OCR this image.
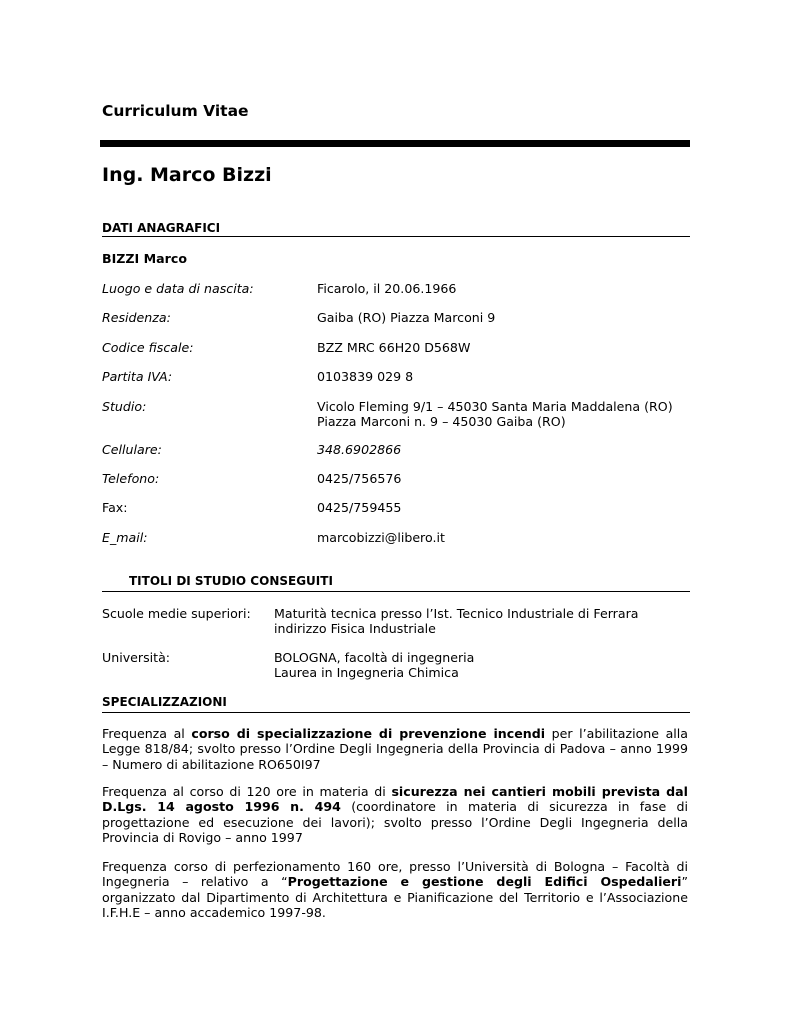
Curriculum Vitae
Ing. Marco Bizzi
DATI ANAGRAFICI
BIZZI Marco
Luogo e data di nascita:	Ficarolo, il 20.06.1966
Residenza:	Gaiba (RO) Piazza Marconi 9
Codice fiscale:	BZZ MRC 66H20 D568W
Partita IVA:	0103839 029 8
Studio:	Vicolo Fleming 9/1 – 45030 Santa Maria Maddalena (RO)
Piazza Marconi n. 9 – 45030 Gaiba (RO)
Cellulare:	348.6902866
Telefono:	0425/756576
Fax:	0425/759455
E_mail:	marcobizzi@libero.it
TITOLI DI STUDIO CONSEGUITI
Scuole medie superiori: Maturità tecnica presso l’Ist. Tecnico Industriale di Ferrara
indirizzo Fisica Industriale
Università:	BOLOGNA, facoltà di ingegneria
Laurea in Ingegneria Chimica
SPECIALIZZAZIONI
Frequenza al corso di specializzazione di prevenzione incendi per l’abilitazione alla Legge 818/84; svolto presso l’Ordine Degli Ingegneria della Provincia di Padova – anno 1999 – Numero di abilitazione RO650I97
Frequenza al corso di 120 ore in materia di sicurezza nei cantieri mobili prevista dal D.Lgs. 14 agosto 1996 n. 494 (coordinatore in materia di sicurezza in fase di progettazione ed esecuzione dei lavori); svolto presso l’Ordine Degli Ingegneria della Provincia di Rovigo – anno 1997
Frequenza corso di perfezionamento 160 ore, presso l’Università di Bologna – Facoltà di Ingegneria – relativo a “Progettazione e gestione degli Edifici Ospedalieri” organizzato dal Dipartimento di Architettura e Pianificazione del Territorio e l’Associazione I.F.H.E – anno accademico 1997-98.
